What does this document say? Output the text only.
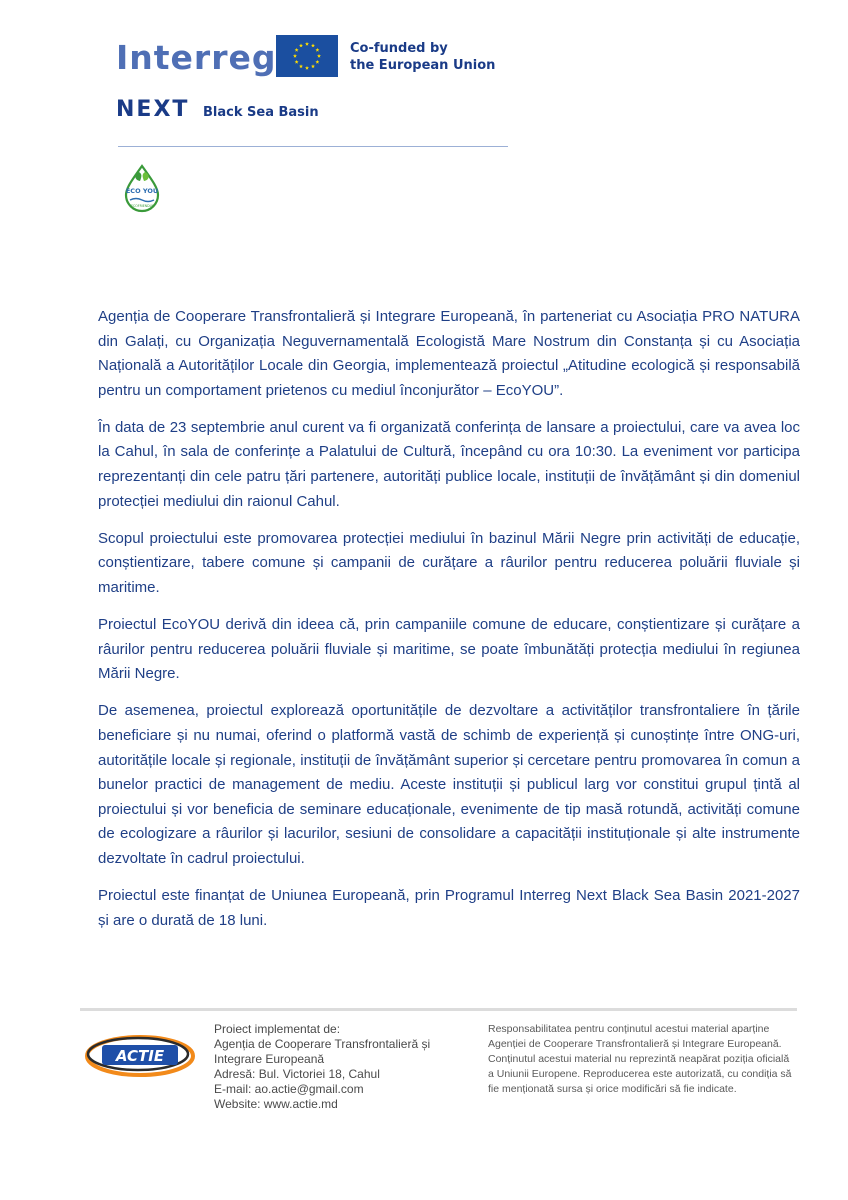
Interreg	Co-funded by
the European Union
NEXT Black Sea Basin
ECO YOU
ECOFRIENDLY

Agenția de Cooperare Transfrontalieră și Integrare Europeană, în parteneriat cu Asociația PRO NATURA din Galați, cu Organizația Neguvernamentală Ecologistă Mare Nostrum din Constanța și cu Asociația Națională a Autorităților Locale din Georgia, implementează proiectul „Atitudine ecologică și responsabilă pentru un comportament prietenos cu mediul înconjurător – EcoYOU”.

În data de 23 septembrie anul curent va fi organizată conferința de lansare a proiectului, care va avea loc la Cahul, în sala de conferințe a Palatului de Cultură, începând cu ora 10:30. La eveniment vor participa reprezentanți din cele patru țări partenere, autorități publice locale, instituții de învățământ și din domeniul protecției mediului din raionul Cahul.

Scopul proiectului este promovarea protecției mediului în bazinul Mării Negre prin activități de educație, conștientizare, tabere comune și campanii de curățare a râurilor pentru reducerea poluării fluviale și maritime.

Proiectul EcoYOU derivă din ideea că, prin campaniile comune de educare, conștientizare și curățare a râurilor pentru reducerea poluării fluviale și maritime, se poate îmbunătăți protecția mediului în regiunea Mării Negre.

De asemenea, proiectul explorează oportunitățile de dezvoltare a activităților transfrontaliere în țările beneficiare și nu numai, oferind o platformă vastă de schimb de experiență și cunoștințe între ONG-uri, autoritățile locale și regionale, instituții de învățământ superior și cercetare pentru promovarea în comun a bunelor practici de management de mediu. Aceste instituții și publicul larg vor constitui grupul țintă al proiectului și vor beneficia de seminare educaționale, evenimente de tip masă rotundă, activități comune de ecologizare a râurilor și lacurilor, sesiuni de consolidare a capacității instituționale și alte instrumente dezvoltate în cadrul proiectului.

Proiectul este finanțat de Uniunea Europeană, prin Programul Interreg Next Black Sea Basin 2021-2027 și are o durată de 18 luni.

ACTIE
Proiect implementat de:
Agenția de Cooperare Transfrontalieră și
Integrare Europeană
Adresă: Bul. Victoriei 18, Cahul
E-mail: ao.actie@gmail.com
Website: www.actie.md
Responsabilitatea pentru conținutul acestui material aparține
Agenției de Cooperare Transfrontalieră și Integrare Europeană.
Conținutul acestui material nu reprezintă neapărat poziția oficială
a Uniunii Europene. Reproducerea este autorizată, cu condiția să
fie menționată sursa și orice modificări să fie indicate.
